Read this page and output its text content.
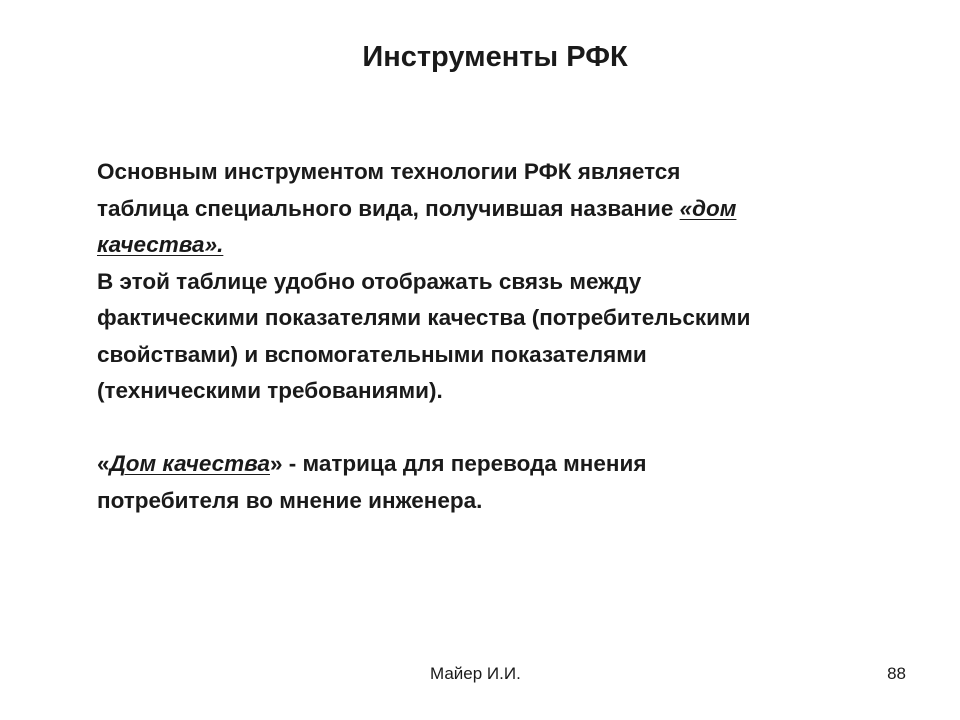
Инструменты РФК

Основным инструментом технологии РФК является

таблица специального вида, получившая название «дом

качества».

В этой таблице удобно отображать связь между

фактическими показателями качества (потребительскими

свойствами) и вспомогательными показателями

(техническими требованиями).

«Дом качества» - матрица для перевода мнения

потребителя во мнение инженера.

Майер И.И.	88
